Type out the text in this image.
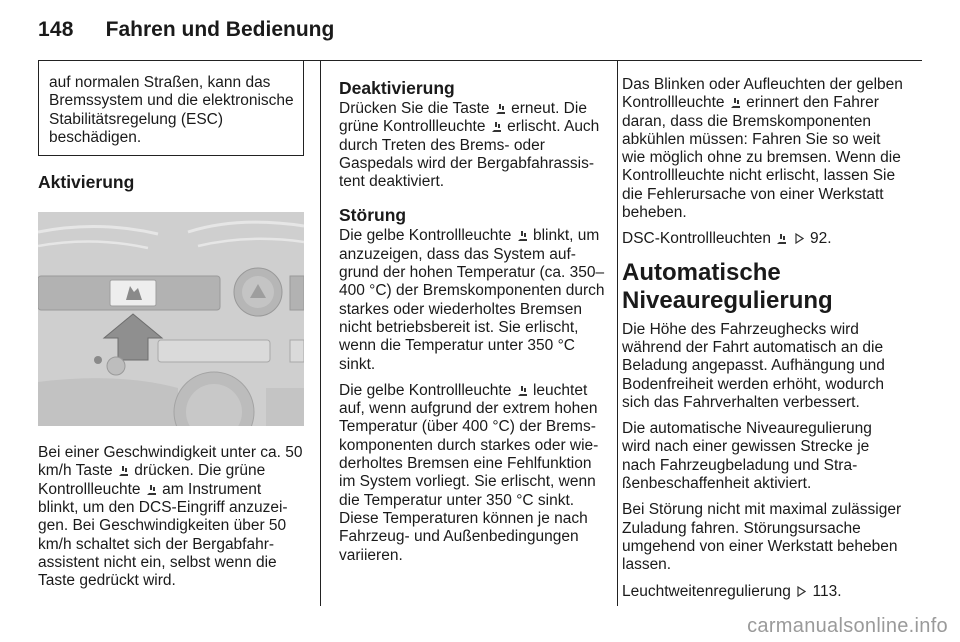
148 Fahren und Bedienung

auf normalen Straßen, kann das Bremssystem und die elektronische Stabilitätsregelung (ESC) beschädigen.

Aktivierung

Bei einer Geschwindigkeit unter ca. 50 km/h Taste drücken. Die grüne Kontrollleuchte am Instrument blinkt, um den DCS-Eingriff anzuzeigen. Bei Geschwindigkeiten über 50 km/h schaltet sich der Bergabfahrassistent nicht ein, selbst wenn die Taste gedrückt wird.

Deaktivierung

Drücken Sie die Taste erneut. Die grüne Kontrollleuchte erlischt. Auch durch Treten des Brems- oder Gaspedals wird der Bergabfahrassistent deaktiviert.

Störung

Die gelbe Kontrollleuchte blinkt, um anzuzeigen, dass das System aufgrund der hohen Temperatur (ca. 350–400 °C) der Bremskomponenten durch starkes oder wiederholtes Bremsen nicht betriebsbereit ist. Sie erlischt, wenn die Temperatur unter 350 °C sinkt.

Die gelbe Kontrollleuchte leuchtet auf, wenn aufgrund der extrem hohen Temperatur (über 400 °C) der Bremskomponenten durch starkes oder wiederholtes Bremsen eine Fehlfunktion im System vorliegt. Sie erlischt, wenn die Temperatur unter 350 °C sinkt. Diese Temperaturen können je nach Fahrzeug- und Außenbedingungen variieren.

Das Blinken oder Aufleuchten der gelben Kontrollleuchte erinnert den Fahrer daran, dass die Bremskomponenten abkühlen müssen: Fahren Sie so weit wie möglich ohne zu bremsen. Wenn die Kontrollleuchte nicht erlischt, lassen Sie die Fehlerursache von einer Werkstatt beheben.

DSC-Kontrollleuchten	92.

Automatische
Niveauregulierung

Die Höhe des Fahrzeughecks wird während der Fahrt automatisch an die Beladung angepasst. Aufhängung und Bodenfreiheit werden erhöht, wodurch sich das Fahrverhalten verbessert.

Die automatische Niveauregulierung wird nach einer gewissen Strecke je nach Fahrzeugbeladung und Straßenbeschaffenheit aktiviert.

Bei Störung nicht mit maximal zulässiger Zuladung fahren. Störungsursache umgehend von einer Werkstatt beheben lassen.

Leuchtweitenregulierung 113.

carmanualsonline.info
